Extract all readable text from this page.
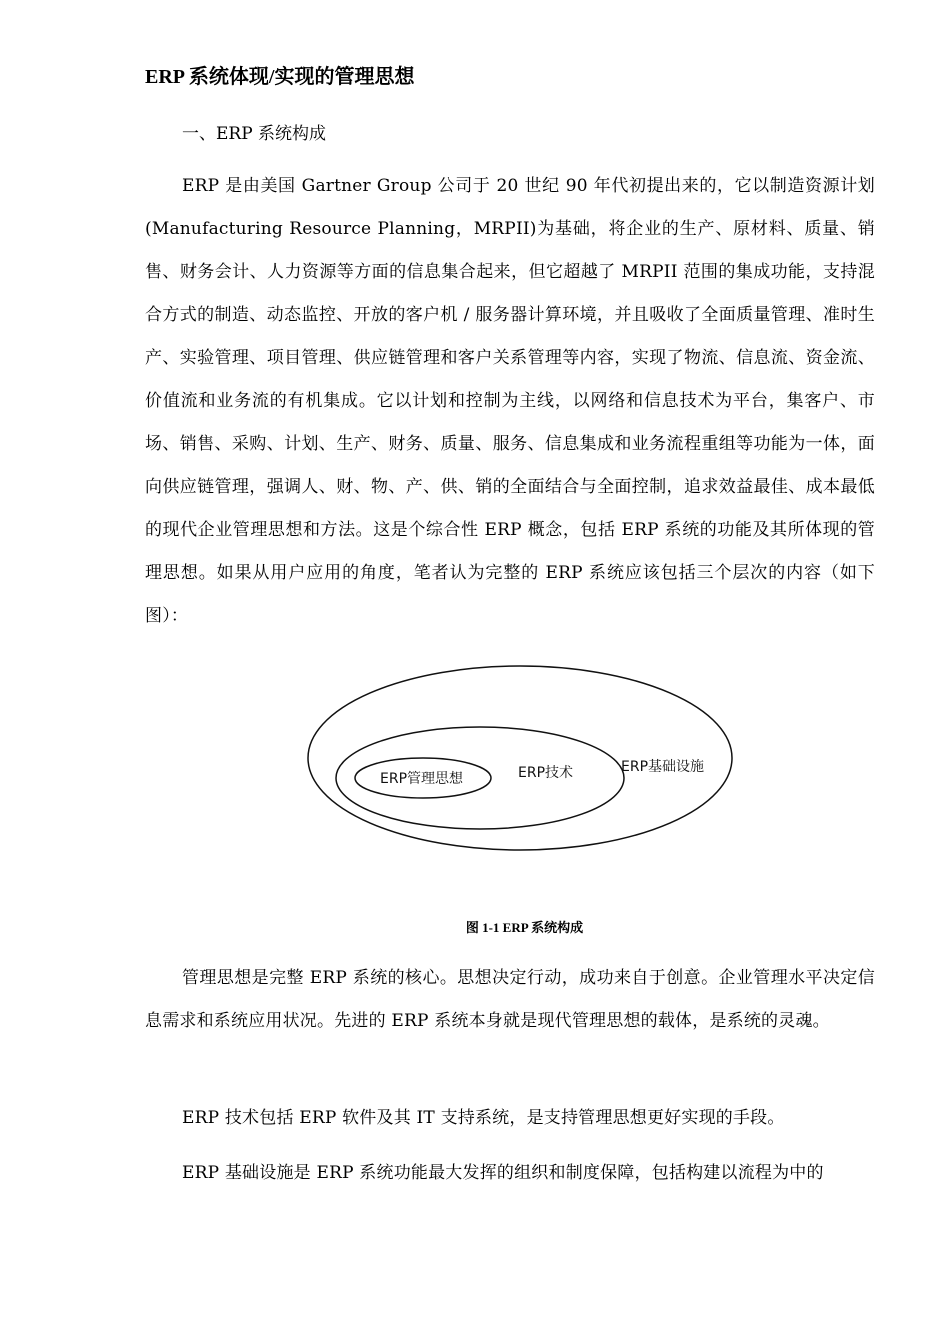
ERP 系统体现/实现的管理思想
一、ERP 系统构成

ERP 是由美国 Gartner Group 公司于 20 世纪 90 年代初提出来的，它以制造资源计划(Manufacturing Resource Planning，MRPII)为基础，将企业的生产、原材料、质量、销售、财务会计、人力资源等方面的信息集合起来，但它超越了 MRPII 范围的集成功能，支持混合方式的制造、动态监控、开放的客户机 / 服务器计算环境，并且吸收了全面质量管理、准时生产、实验管理、项目管理、供应链管理和客户关系管理等内容，实现了物流、信息流、资金流、价值流和业务流的有机集成。它以计划和控制为主线，以网络和信息技术为平台，集客户、市场、销售、采购、计划、生产、财务、质量、服务、信息集成和业务流程重组等功能为一体，面向供应链管理，强调人、财、物、产、供、销的全面结合与全面控制，追求效益最佳、成本最低的现代企业管理思想和方法。这是个综合性 ERP 概念，包括 ERP 系统的功能及其所体现的管理思想。如果从用户应用的角度，笔者认为完整的 ERP 系统应该包括三个层次的内容（如下图）：

ERP管理思想	ERP技术	ERP基础设施
图 1-1 ERP 系统构成

管理思想是完整 ERP 系统的核心。思想决定行动，成功来自于创意。企业管理水平决定信息需求和系统应用状况。先进的 ERP 系统本身就是现代管理思想的载体，是系统的灵魂。

ERP 技术包括 ERP 软件及其 IT 支持系统，是支持管理思想更好实现的手段。

ERP 基础设施是 ERP 系统功能最大发挥的组织和制度保障，包括构建以流程为中的
